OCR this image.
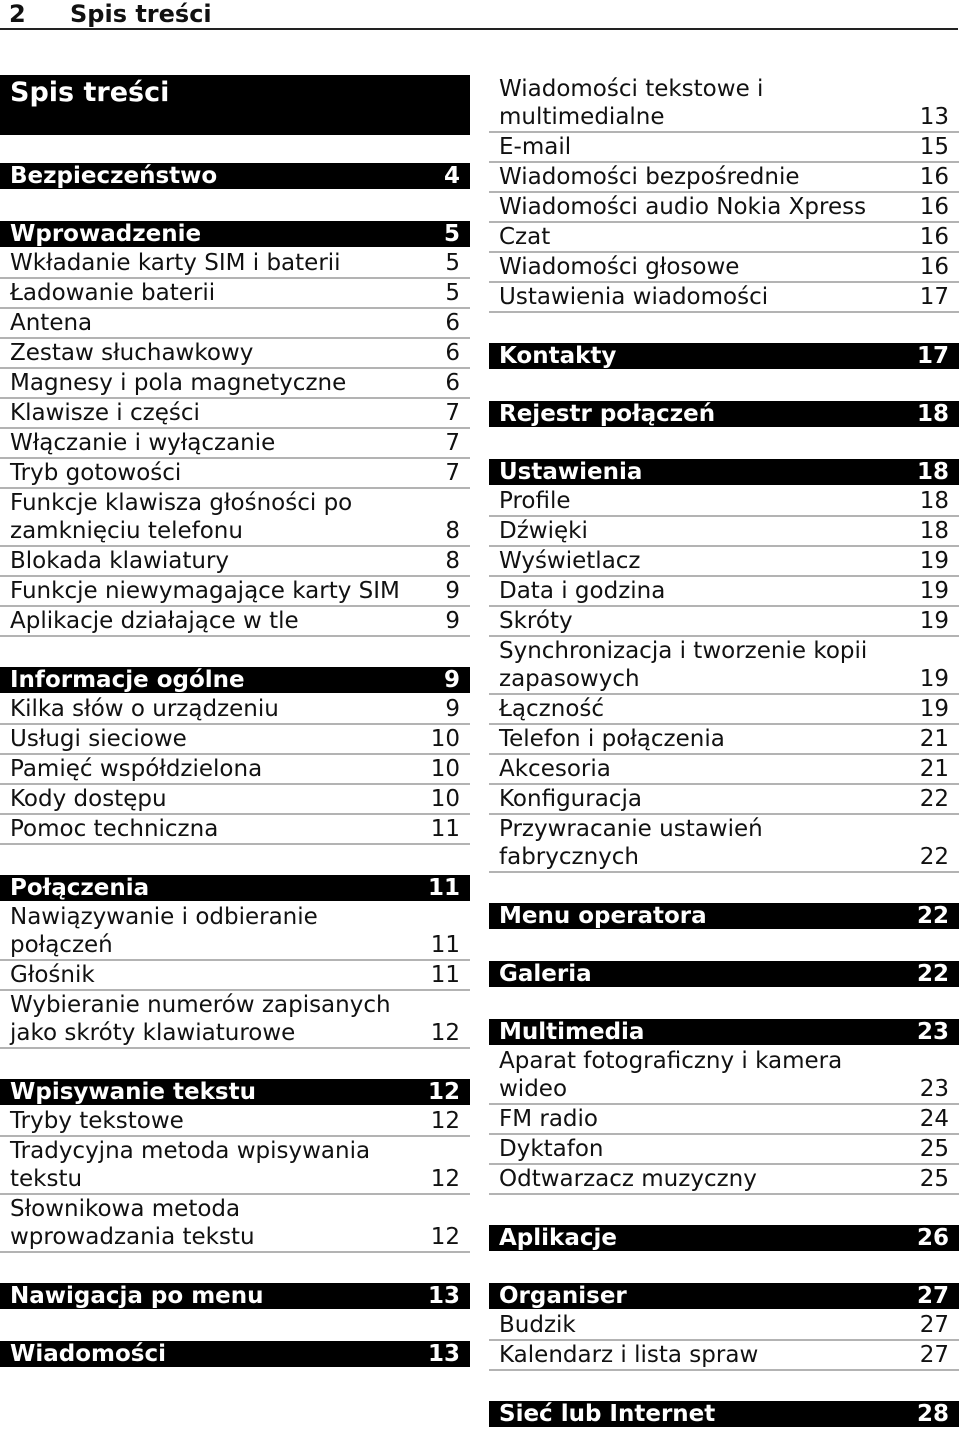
2 Spis treści
Spis treści
Bezpieczeństwo	4
Wprowadzenie	5
Wkładanie karty SIM i baterii	5
Ładowanie baterii	5
Antena	6
Zestaw słuchawkowy	6
Magnesy i pola magnetyczne	6
Klawisze i części	7
Włączanie i wyłączanie	7
Tryb gotowości	7
Funkcje klawisza głośności po zamknięciu telefonu	8
Blokada klawiatury	8
Funkcje niewymagające karty SIM 9
Aplikacje działające w tle	9
Informacje ogólne	9
Kilka słów o urządzeniu	9
Usługi sieciowe	10
Pamięć współdzielona	10
Kody dostępu	10
Pomoc techniczna	11
Połączenia	11
Nawiązywanie i odbieranie połączeń	11
Głośnik	11
Wybieranie numerów zapisanych jako skróty klawiaturowe	12
Wpisywanie tekstu	12
Tryby tekstowe	12
Tradycyjna metoda wpisywania tekstu	12
Słownikowa metoda wprowadzania tekstu	12
Nawigacja po menu	13
Wiadomości	13
Wiadomości tekstowe i multimedialne	13
E-mail	15
Wiadomości bezpośrednie	16
Wiadomości audio Nokia Xpress 16
Czat	16
Wiadomości głosowe	16
Ustawienia wiadomości	17
Kontakty	17
Rejestr połączeń	18
Ustawienia	18
Profile	18
Dźwięki	18
Wyświetlacz	19
Data i godzina	19
Skróty	19
Synchronizacja i tworzenie kopii zapasowych	19
Łączność	19
Telefon i połączenia	21
Akcesoria	21
Konfiguracja	22
Przywracanie ustawień fabrycznych	22
Menu operatora	22
Galeria	22
Multimedia	23
Aparat fotograficzny i kamera wideo	23
FM radio	24
Dyktafon	25
Odtwarzacz muzyczny	25
Aplikacje	26
Organiser	27
Budzik	27
Kalendarz i lista spraw	27
Sieć lub Internet	28
